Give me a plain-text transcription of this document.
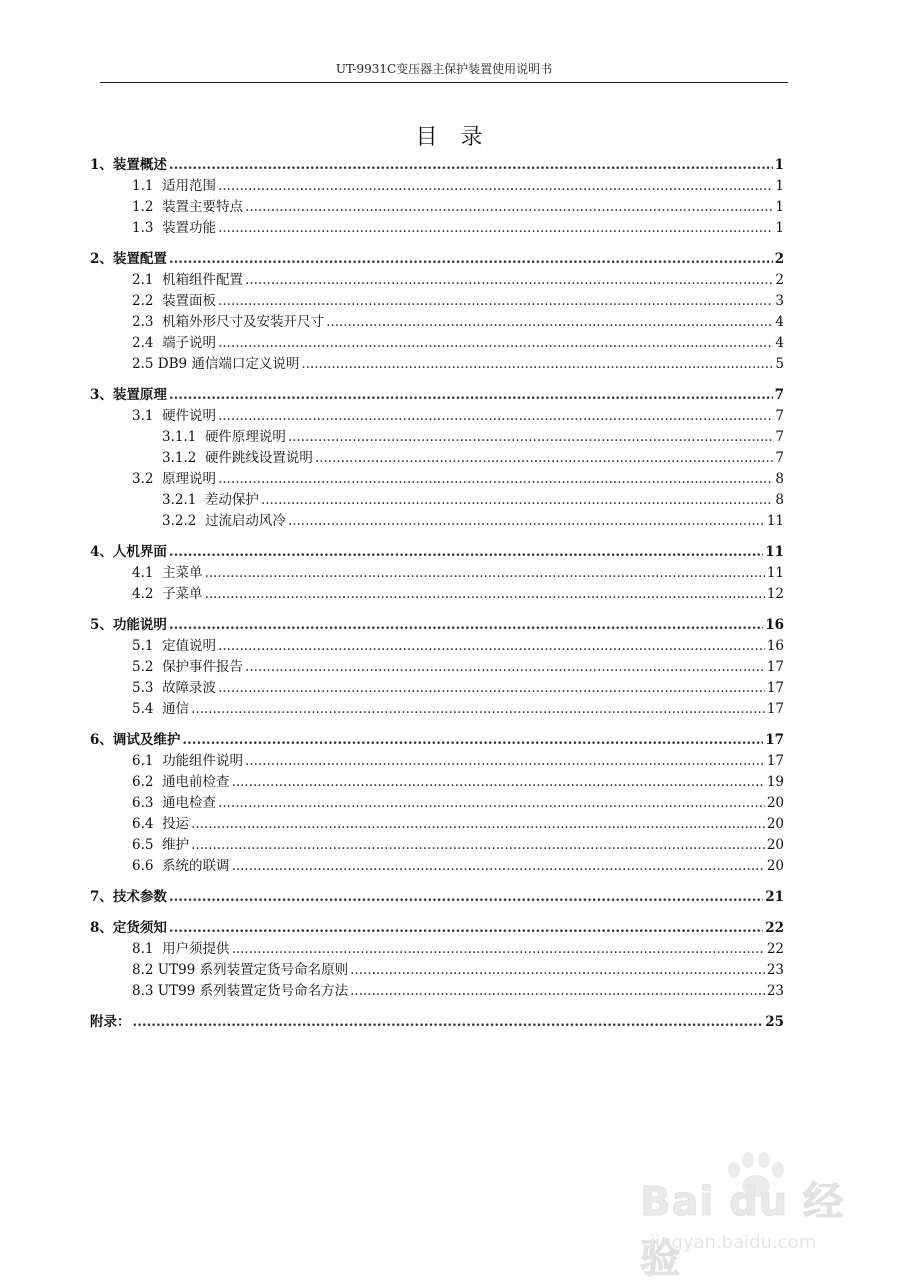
UT-9931C变压器主保护装置使用说明书
目 录
1、 装置概述 .....	1
1.1 适用范围 .....	1
1.2 装置主要特点 .....	1
1.3 装置功能 .....	1
2、 装置配置 .....	2
2.1 机箱组件配置 .....	2
2.2 装置面板 .....	3
2.3 机箱外形尺寸及安装开尺寸 .....	4
2.4 端子说明 .....	4
2.5 DB9 通信端口定义说明 .....	5
3、 装置原理 .....	7
3.1 硬件说明 .....	7
3.1.1 硬件原理说明 .....	7
3.1.2 硬件跳线设置说明 .....	7
3.2 原理说明 .....	8
3.2.1 差动保护 .....	8
3.2.2 过流启动风冷 .....	11
4、 人机界面 .....	11
4.1 主菜单 .....	11
4.2 子菜单 .....	12
5、 功能说明 .....	16
5.1 定值说明 .....	16
5.2 保护事件报告 .....	17
5.3 故障录波 .....	17
5.4 通信 .....	17
6、 调试及维护 .....	17
6.1 功能组件说明 .....	17
6.2 通电前检查 .....	19
6.3 通电检查 .....	20
6.4 投运 .....	20
6.5 维护 .....	20
6.6 系统的联调 .....	20
7、 技术参数 .....	21
8、 定货须知 .....	22
8.1 用户须提供 .....	22
8.2 UT99 系列装置定货号命名原则 .....	23
8.3 UT99 系列装置定货号命名方法 .....	23
附录： .....	25
Bai du 经验
jingyan.baidu.com
